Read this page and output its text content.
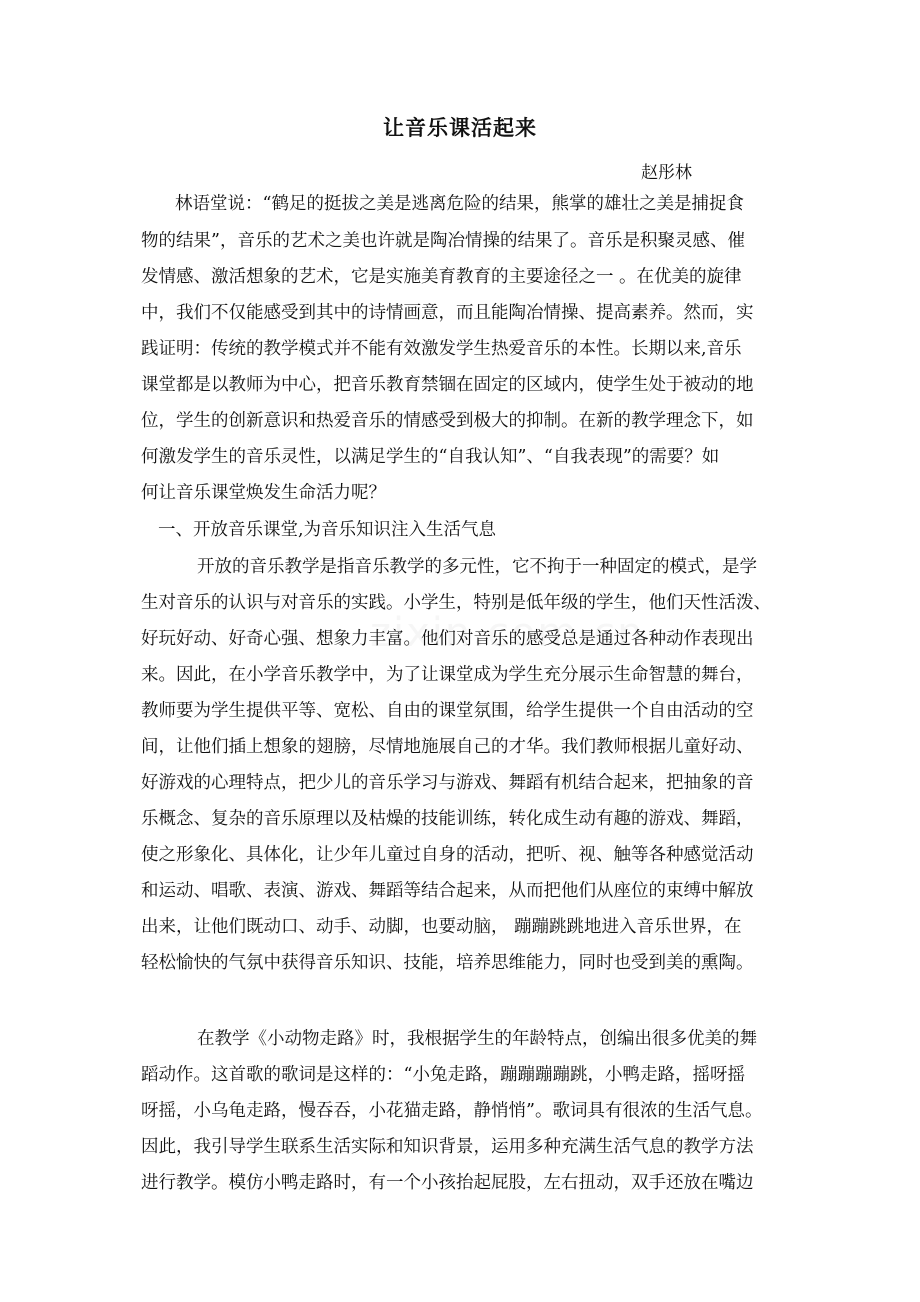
让音乐课活起来

赵彤林

林语堂说：“鹤足的挺拔之美是逃离危险的结果，熊掌的雄壮之美是捕捉食

物的结果”，音乐的艺术之美也许就是陶冶情操的结果了。音乐是积聚灵感、催

发情感、激活想象的艺术，它是实施美育教育的主要途径之一 。在优美的旋律

中，我们不仅能感受到其中的诗情画意，而且能陶冶情操、提高素养。然而，实

践证明：传统的教学模式并不能有效激发学生热爱音乐的本性。长期以来,音乐

课堂都是以教师为中心，把音乐教育禁锢在固定的区域内，使学生处于被动的地

位，学生的创新意识和热爱音乐的情感受到极大的抑制。在新的教学理念下，如

何激发学生的音乐灵性，以满足学生的“自我认知”、“自我表现”的需要？如

何让音乐课堂焕发生命活力呢？

一、开放音乐课堂,为音乐知识注入生活气息

开放的音乐教学是指音乐教学的多元性，它不拘于一种固定的模式，是学

生对音乐的认识与对音乐的实践。小学生，特别是低年级的学生，他们天性活泼、

好玩好动、好奇心强、想象力丰富。他们对音乐的感受总是通过各种动作表现出

来。因此，在小学音乐教学中，为了让课堂成为学生充分展示生命智慧的舞台，

教师要为学生提供平等、宽松、自由的课堂氛围，给学生提供一个自由活动的空

间，让他们插上想象的翅膀，尽情地施展自己的才华。我们教师根据儿童好动、

好游戏的心理特点，把少儿的音乐学习与游戏、舞蹈有机结合起来，把抽象的音

乐概念、复杂的音乐原理以及枯燥的技能训练，转化成生动有趣的游戏、舞蹈，

使之形象化、具体化，让少年儿童过自身的活动，把听、视、触等各种感觉活动

和运动、唱歌、表演、游戏、舞蹈等结合起来，从而把他们从座位的束缚中解放

出来，让他们既动口、动手、动脚，也要动脑， 蹦蹦跳跳地进入音乐世界，在

轻松愉快的气氛中获得音乐知识、技能，培养思维能力，同时也受到美的熏陶。

在教学《小动物走路》时，我根据学生的年龄特点，创编出很多优美的舞

蹈动作。这首歌的歌词是这样的：“小兔走路，蹦蹦蹦蹦跳，小鸭走路，摇呀摇

呀摇，小乌龟走路，慢吞吞，小花猫走路，静悄悄”。歌词具有很浓的生活气息。

因此，我引导学生联系生活实际和知识背景，运用多种充满生活气息的教学方法

进行教学。模仿小鸭走路时，有一个小孩抬起屁股，左右扭动，双手还放在嘴边
